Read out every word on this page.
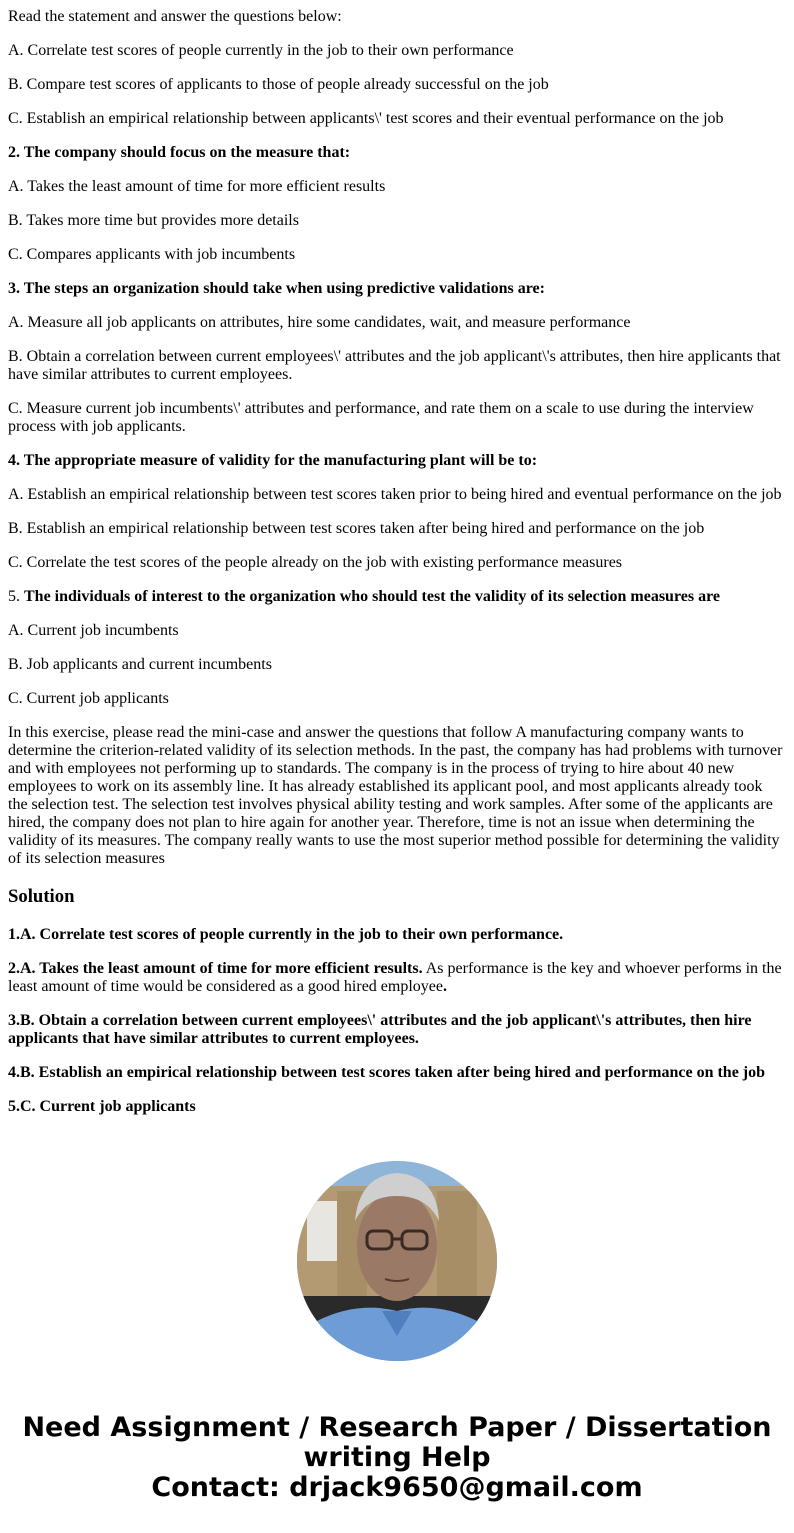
Read the statement and answer the questions below:

A. Correlate test scores of people currently in the job to their own performance

B. Compare test scores of applicants to those of people already successful on the job

C. Establish an empirical relationship between applicants\' test scores and their eventual performance on the job

2. The company should focus on the measure that:

A. Takes the least amount of time for more efficient results

B. Takes more time but provides more details

C. Compares applicants with job incumbents

3. The steps an organization should take when using predictive validations are:

A. Measure all job applicants on attributes, hire some candidates, wait, and measure performance

B. Obtain a correlation between current employees\' attributes and the job applicant\'s attributes, then hire applicants that have similar attributes to current employees.

C. Measure current job incumbents\' attributes and performance, and rate them on a scale to use during the interview process with job applicants.

4. The appropriate measure of validity for the manufacturing plant will be to:

A. Establish an empirical relationship between test scores taken prior to being hired and eventual performance on the job

B. Establish an empirical relationship between test scores taken after being hired and performance on the job

C. Correlate the test scores of the people already on the job with existing performance measures

5. The individuals of interest to the organization who should test the validity of its selection measures are

A. Current job incumbents

B. Job applicants and current incumbents

C. Current job applicants

In this exercise, please read the mini-case and answer the questions that follow A manufacturing company wants to determine the criterion-related validity of its selection methods. In the past, the company has had problems with turnover and with employees not performing up to standards. The company is in the process of trying to hire about 40 new employees to work on its assembly line. It has already established its applicant pool, and most applicants already took the selection test. The selection test involves physical ability testing and work samples. After some of the applicants are hired, the company does not plan to hire again for another year. Therefore, time is not an issue when determining the validity of its measures. The company really wants to use the most superior method possible for determining the validity of its selection measures

Solution

1.A. Correlate test scores of people currently in the job to their own performance.

2.A. Takes the least amount of time for more efficient results. As performance is the key and whoever performs in the least amount of time would be considered as a good hired employee.

3.B. Obtain a correlation between current employees\' attributes and the job applicant\'s attributes, then hire applicants that have similar attributes to current employees.

4.B. Establish an empirical relationship between test scores taken after being hired and performance on the job

5.C. Current job applicants

Need Assignment / Research Paper / Dissertation writing Help
Contact: drjack9650@gmail.com
